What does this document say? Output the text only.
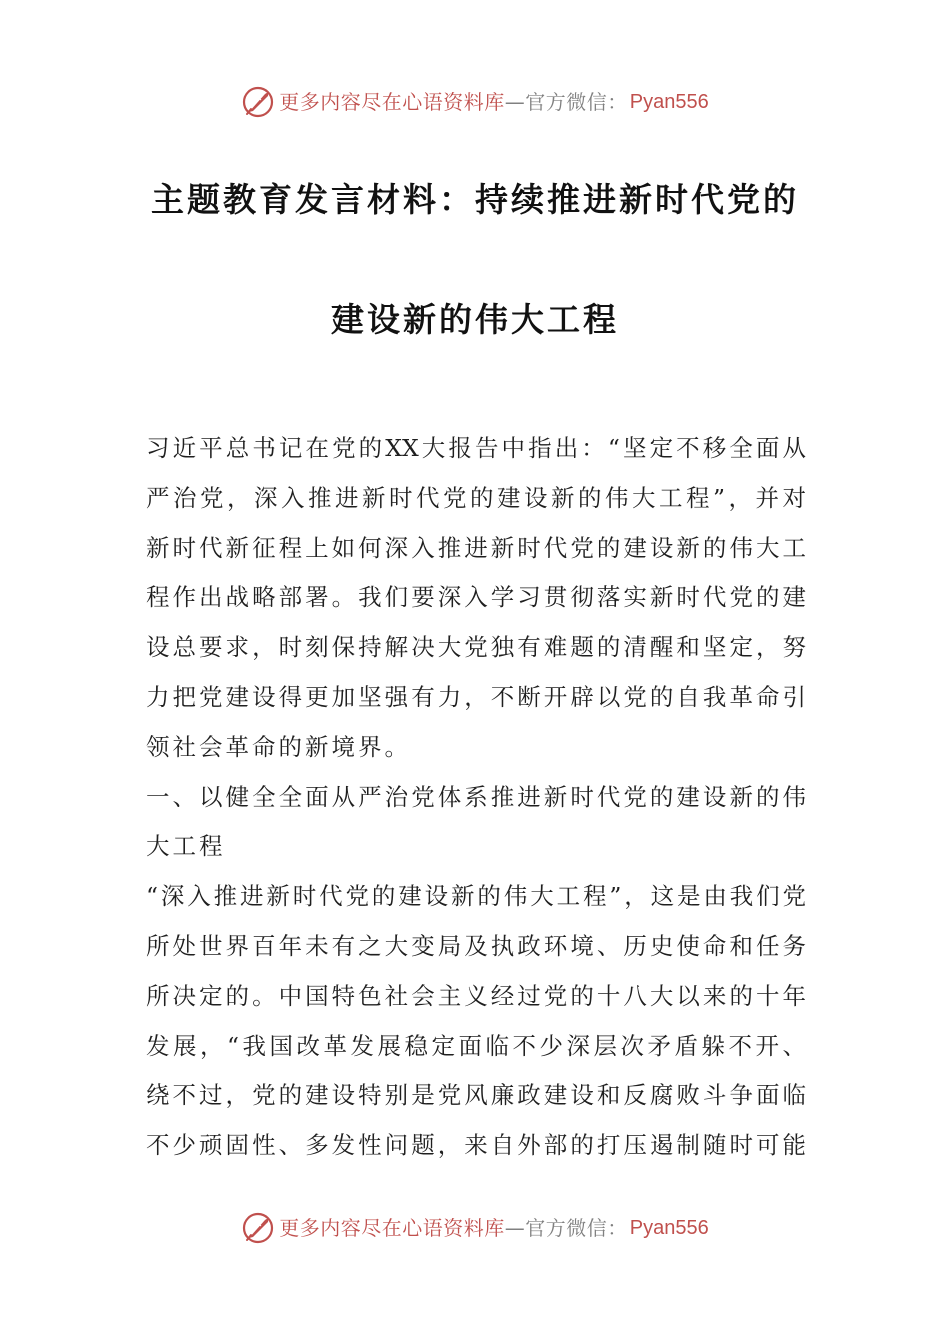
更多内容尽在心语资料库 —官方微信： Pyan556
主题教育发言材料：持续推进新时代党的
建设新的伟大工程
习近平总书记在党的XX大报告中指出：“坚定不移全面从
严治党，深入推进新时代党的建设新的伟大工程”，并对
新时代新征程上如何深入推进新时代党的建设新的伟大工
程作出战略部署。我们要深入学习贯彻落实新时代党的建
设总要求，时刻保持解决大党独有难题的清醒和坚定，努
力把党建设得更加坚强有力，不断开辟以党的自我革命引
领社会革命的新境界。
一、以健全全面从严治党体系推进新时代党的建设新的伟
大工程
“深入推进新时代党的建设新的伟大工程”，这是由我们党
所处世界百年未有之大变局及执政环境、历史使命和任务
所决定的。中国特色社会主义经过党的十八大以来的十年
发展，“我国改革发展稳定面临不少深层次矛盾躲不开、
绕不过，党的建设特别是党风廉政建设和反腐败斗争面临
不少顽固性、多发性问题，来自外部的打压遏制随时可能
更多内容尽在心语资料库 —官方微信： Pyan556
